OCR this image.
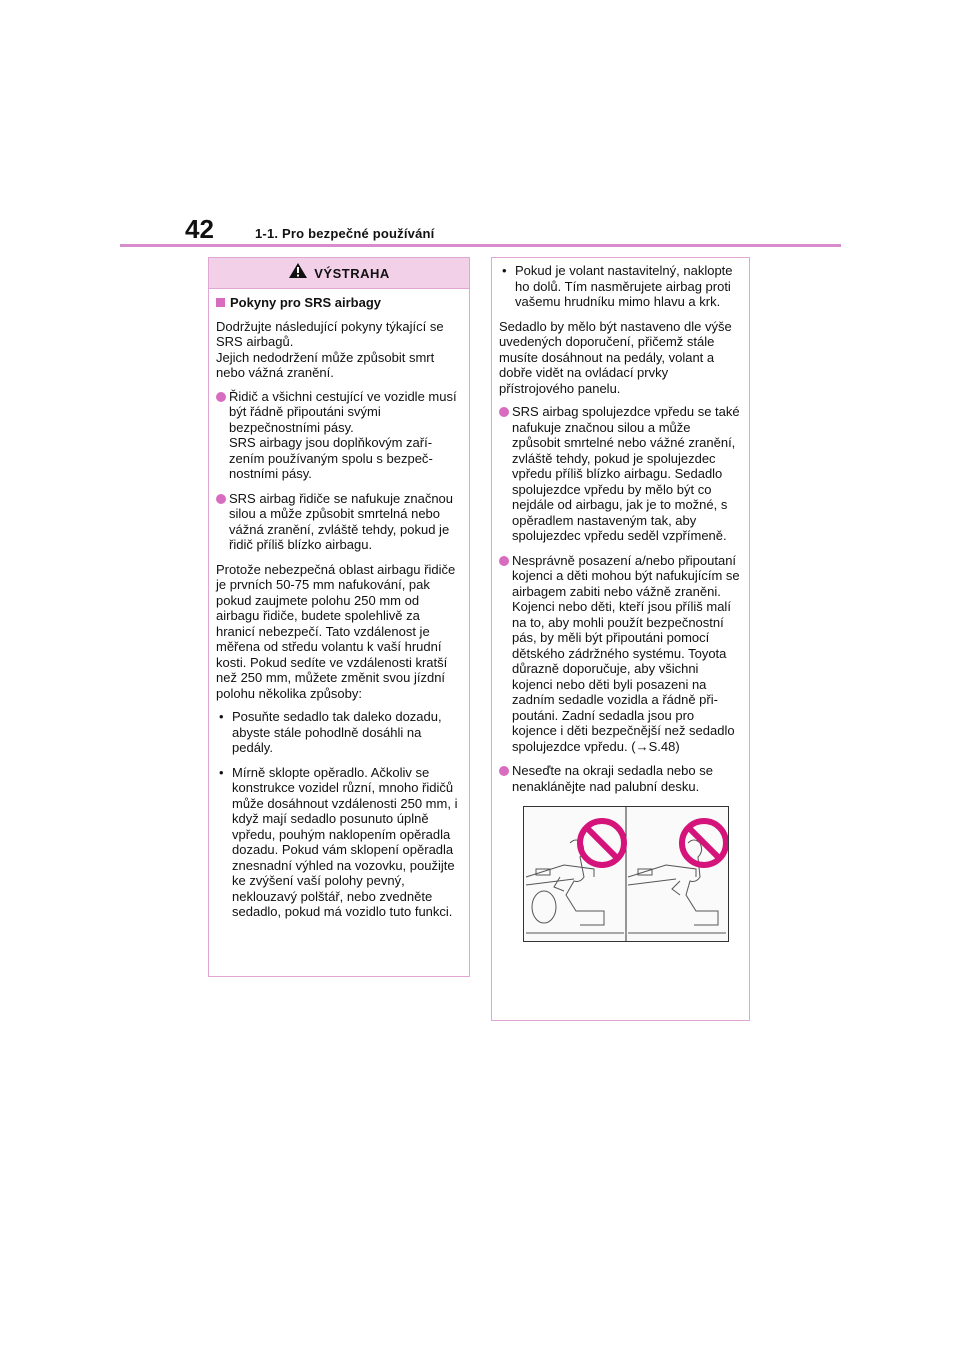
42	1-1. Pro bezpečné používání
VÝSTRAHA
Pokyny pro SRS airbagy

Dodržujte následující pokyny týkající se SRS airbagů.
Jejich nedodržení může způsobit smrt nebo vážná zranění.

Řidič a všichni cestující ve vozidle musí být řádně připoutáni svými bezpečnostními pásy.
SRS airbagy jsou doplňkovým zařízením používaným spolu s bezpečnostními pásy.
SRS airbag řidiče se nafukuje značnou silou a může způsobit smrtelná nebo vážná zranění, zvláště tehdy, pokud je řidič příliš blízko airbagu.

Protože nebezpečná oblast airbagu řidiče je prvních 50-75 mm nafukování, pak pokud zaujmete polohu 250 mm od airbagu řidiče, budete spolehlivě za hranicí nebezpečí. Tato vzdálenost je měřena od středu volantu k vaší hrudní kosti. Pokud sedíte ve vzdálenosti kratší než 250 mm, můžete změnit svou jízdní polohu několika způsoby:

• Posuňte sedadlo tak daleko dozadu, abyste stále pohodlně dosáhli na pedály.
• Mírně sklopte opěradlo. Ačkoliv se konstrukce vozidel různí, mnoho řidičů může dosáhnout vzdálenosti 250 mm, i když mají sedadlo posunuto úplně vpředu, pouhým naklopením opěradla dozadu. Pokud vám sklopení opěradla znesnadní výhled na vozovku, použijte ke zvýšení vaší polohy pevný, neklouzavý polštář, nebo zvedněte sedadlo, pokud má vozidlo tuto funkci.
• Pokud je volant nastavitelný, naklopte ho dolů. Tím nasměrujete airbag proti vašemu hrudníku mimo hlavu a krk.

Sedadlo by mělo být nastaveno dle výše uvedených doporučení, přičemž stále musíte dosáhnout na pedály, volant a dobře vidět na ovládací prvky přístrojového panelu.

SRS airbag spolujezdce vpředu se také nafukuje značnou silou a může způsobit smrtelné nebo vážné zranění, zvláště tehdy, pokud je spolujezdec vpředu příliš blízko airbagu. Sedadlo spolujezdce vpředu by mělo být co nejdále od airbagu, jak je to možné, s opěradlem nastaveným tak, aby spolujezdec vpředu seděl vzpřímeně.
Nesprávně posazení a/nebo připoutaní kojenci a děti mohou být nafukujícím se airbagem zabiti nebo vážně zraněni. Kojenci nebo děti, kteří jsou příliš malí na to, aby mohli použít bezpečnostní pás, by měli být připoutáni pomocí dětského zádržného systému. Toyota důrazně doporučuje, aby všichni kojenci nebo děti byli posazeni na zadním sedadle vozidla a řádně připoutáni. Zadní sedadla jsou pro kojence i děti bezpečnější než sedadlo spolujezdce vpředu. (→S.48)
Neseďte na okraji sedadla nebo se nenaklánějte nad palubní desku.
